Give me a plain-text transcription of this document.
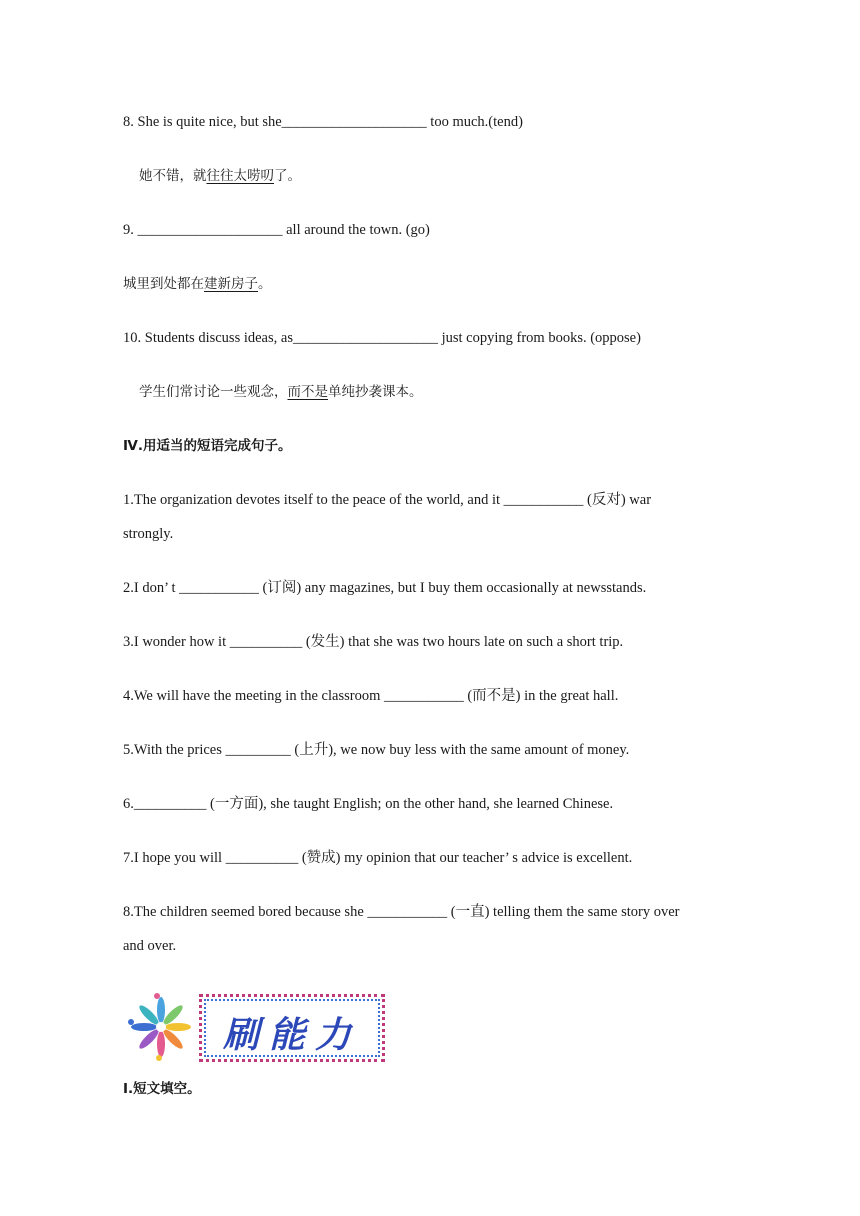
8. She is quite nice, but she____________________ too much.(tend)
她不错，就往往太唠叨了。
9. ____________________ all around the town. (go)
城里到处都在建新房子。
10. Students discuss ideas, as____________________ just copying from books. (oppose)
学生们常讨论一些观念，而不是单纯抄袭课本。
Ⅳ.用适当的短语完成句子。
1.The organization devotes itself to the peace of the world, and it ___________ (反对) war
strongly.
2.I don’ t ___________ (订阅) any magazines, but I buy them occasionally at newsstands.
3.I wonder how it __________ (发生) that she was two hours late on such a short trip.
4.We will have the meeting in the classroom ___________ (而不是) in the great hall.
5.With the prices _________ (上升), we now buy less with the same amount of money.
6.__________ (一方面), she taught English; on the other hand, she learned Chinese.
7.I hope you will __________ (赞成) my opinion that our teacher’ s advice is excellent.
8.The children seemed bored because she ___________ (一直) telling them the same story over
and over.
刷能力
Ⅰ.短文填空。
